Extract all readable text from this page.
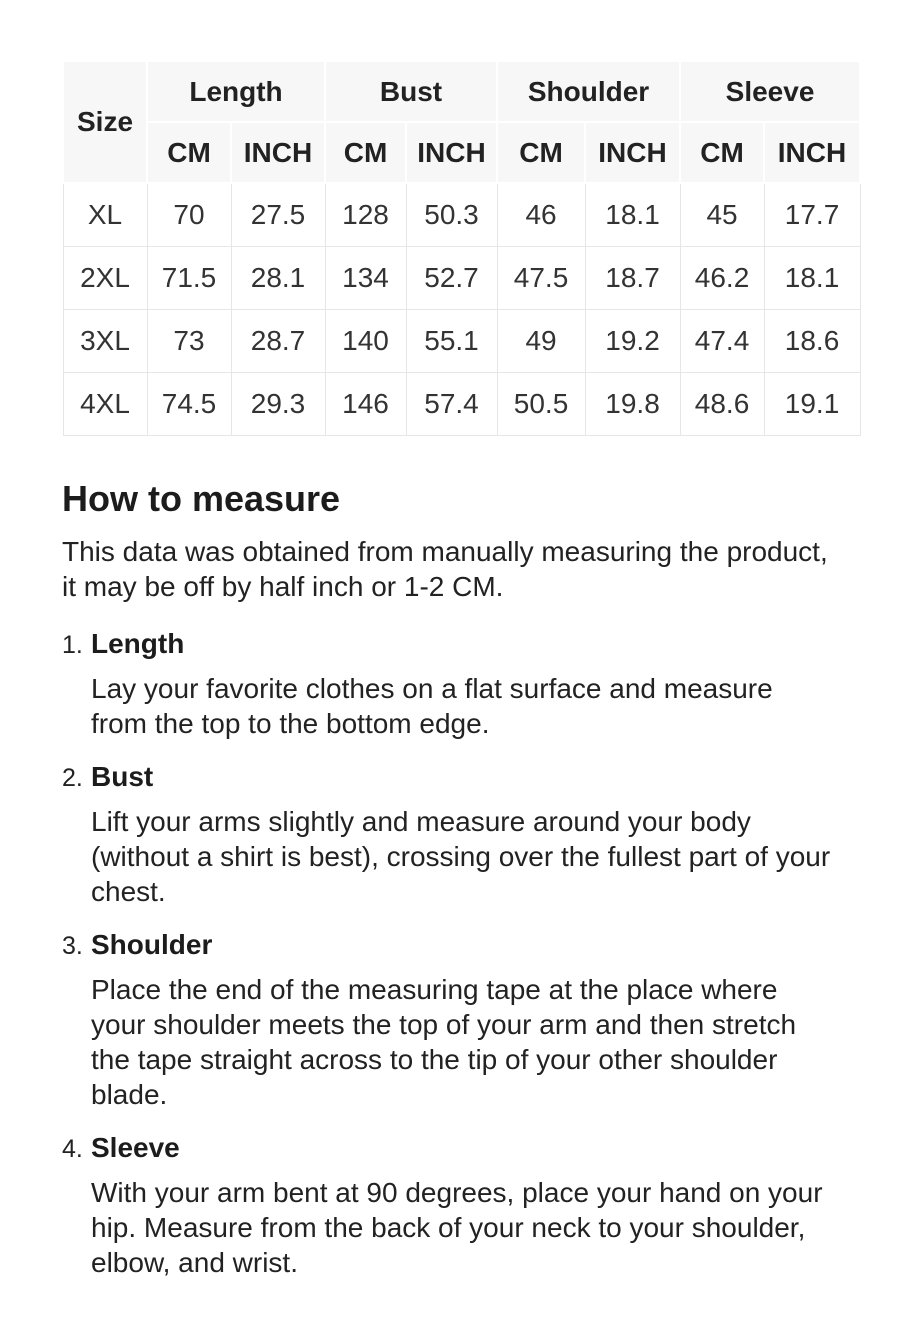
Size	Length		Bust		Shoulder		Sleeve	
	CM	INCH	CM	INCH	CM	INCH	CM	INCH
XL	70	27.5	128	50.3	46	18.1	45	17.7
2XL	71.5	28.1	134	52.7	47.5	18.7	46.2	18.1
3XL	73	28.7	140	55.1	49	19.2	47.4	18.6
4XL	74.5	29.3	146	57.4	50.5	19.8	48.6	19.1
How to measure

This data was obtained from manually measuring the product, it may be off by half inch or 1-2 CM.

1. Length
Lay your favorite clothes on a flat surface and measure from the top to the bottom edge.
2. Bust
Lift your arms slightly and measure around your body (without a shirt is best), crossing over the fullest part of your chest.
3. Shoulder
Place the end of the measuring tape at the place where your shoulder meets the top of your arm and then stretch the tape straight across to the tip of your other shoulder blade.
4. Sleeve
With your arm bent at 90 degrees, place your hand on your hip. Measure from the back of your neck to your shoulder, elbow, and wrist.
